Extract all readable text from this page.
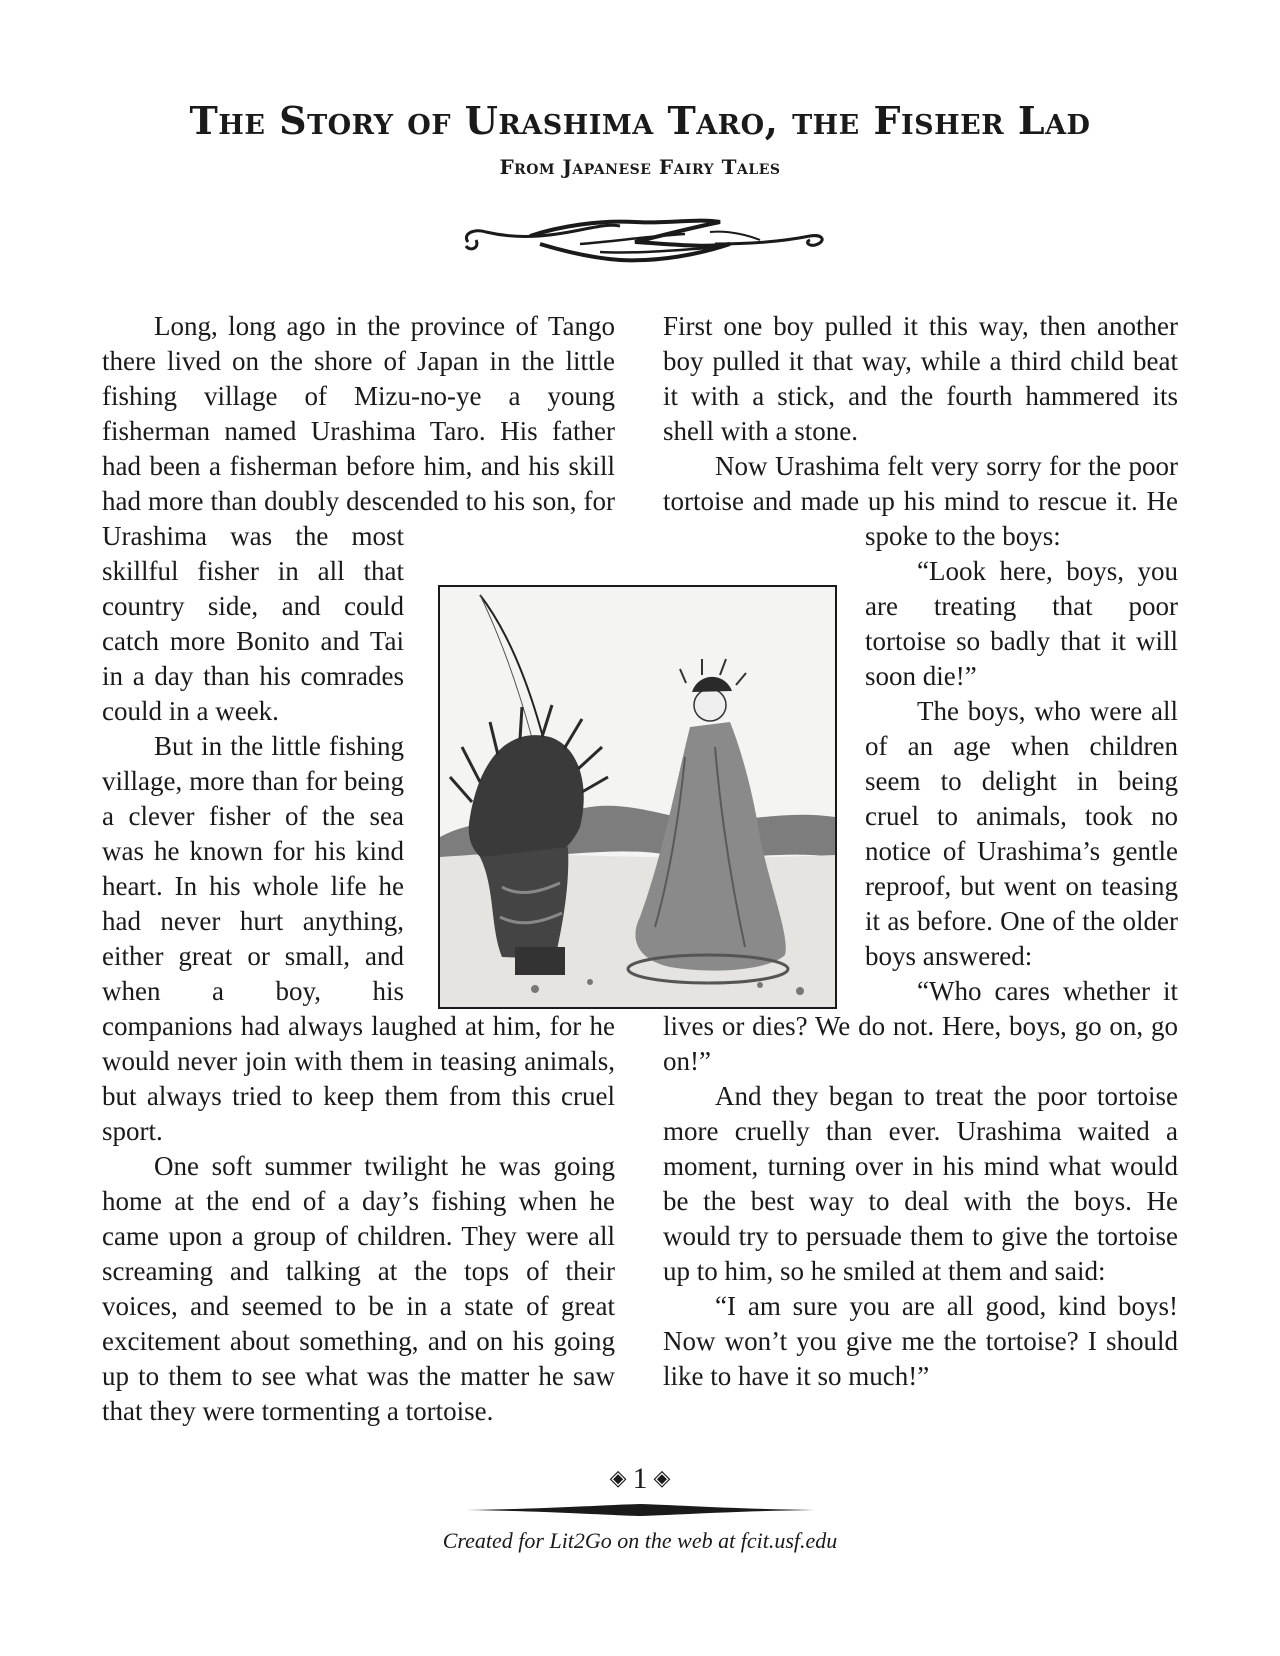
The Story of Urashima Taro, the Fisher Lad
From Japanese Fairy Tales

Long, long ago in the province of Tango there lived on the shore of Japan in the little fishing village of Mizu-no-ye a young fisherman named Urashima Taro. His father had been a fisherman before him, and his skill had more than doubly descended to his son, for Urashima was the most skillful fisher in all that country side, and could catch more Bonito and Tai in a day than his comrades could in a week.

But in the little fishing village, more than for being a clever fisher of the sea was he known for his kind heart. In his whole life he had never hurt anything, either great or small, and when a boy, his companions had always laughed at him, for he would never join with them in teasing animals, but always tried to keep them from this cruel sport.

One soft summer twilight he was going home at the end of a day’s fishing when he came upon a group of children. They were all screaming and talking at the tops of their voices, and seemed to be in a state of great excitement about something, and on his going up to them to see what was the matter he saw that they were tormenting a tortoise.

First one boy pulled it this way, then another boy pulled it that way, while a third child beat it with a stick, and the fourth hammered its shell with a stone.

Now Urashima felt very sorry for the poor tortoise and made up his mind to rescue it. He spoke to the boys:

“Look here, boys, you are treating that poor tortoise so badly that it will soon die!”

The boys, who were all of an age when children seem to delight in being cruel to animals, took no notice of Urashima’s gentle reproof, but went on teasing it as before. One of the older boys answered:

“Who cares whether it lives or dies? We do not. Here, boys, go on, go on!”

And they began to treat the poor tortoise more cruelly than ever. Urashima waited a moment, turning over in his mind what would be the best way to deal with the boys. He would try to persuade them to give the tortoise up to him, so he smiled at them and said:

“I am sure you are all good, kind boys! Now won’t you give me the tortoise? I should like to have it so much!”

◈ 1 ◈
Created for Lit2Go on the web at fcit.usf.edu
